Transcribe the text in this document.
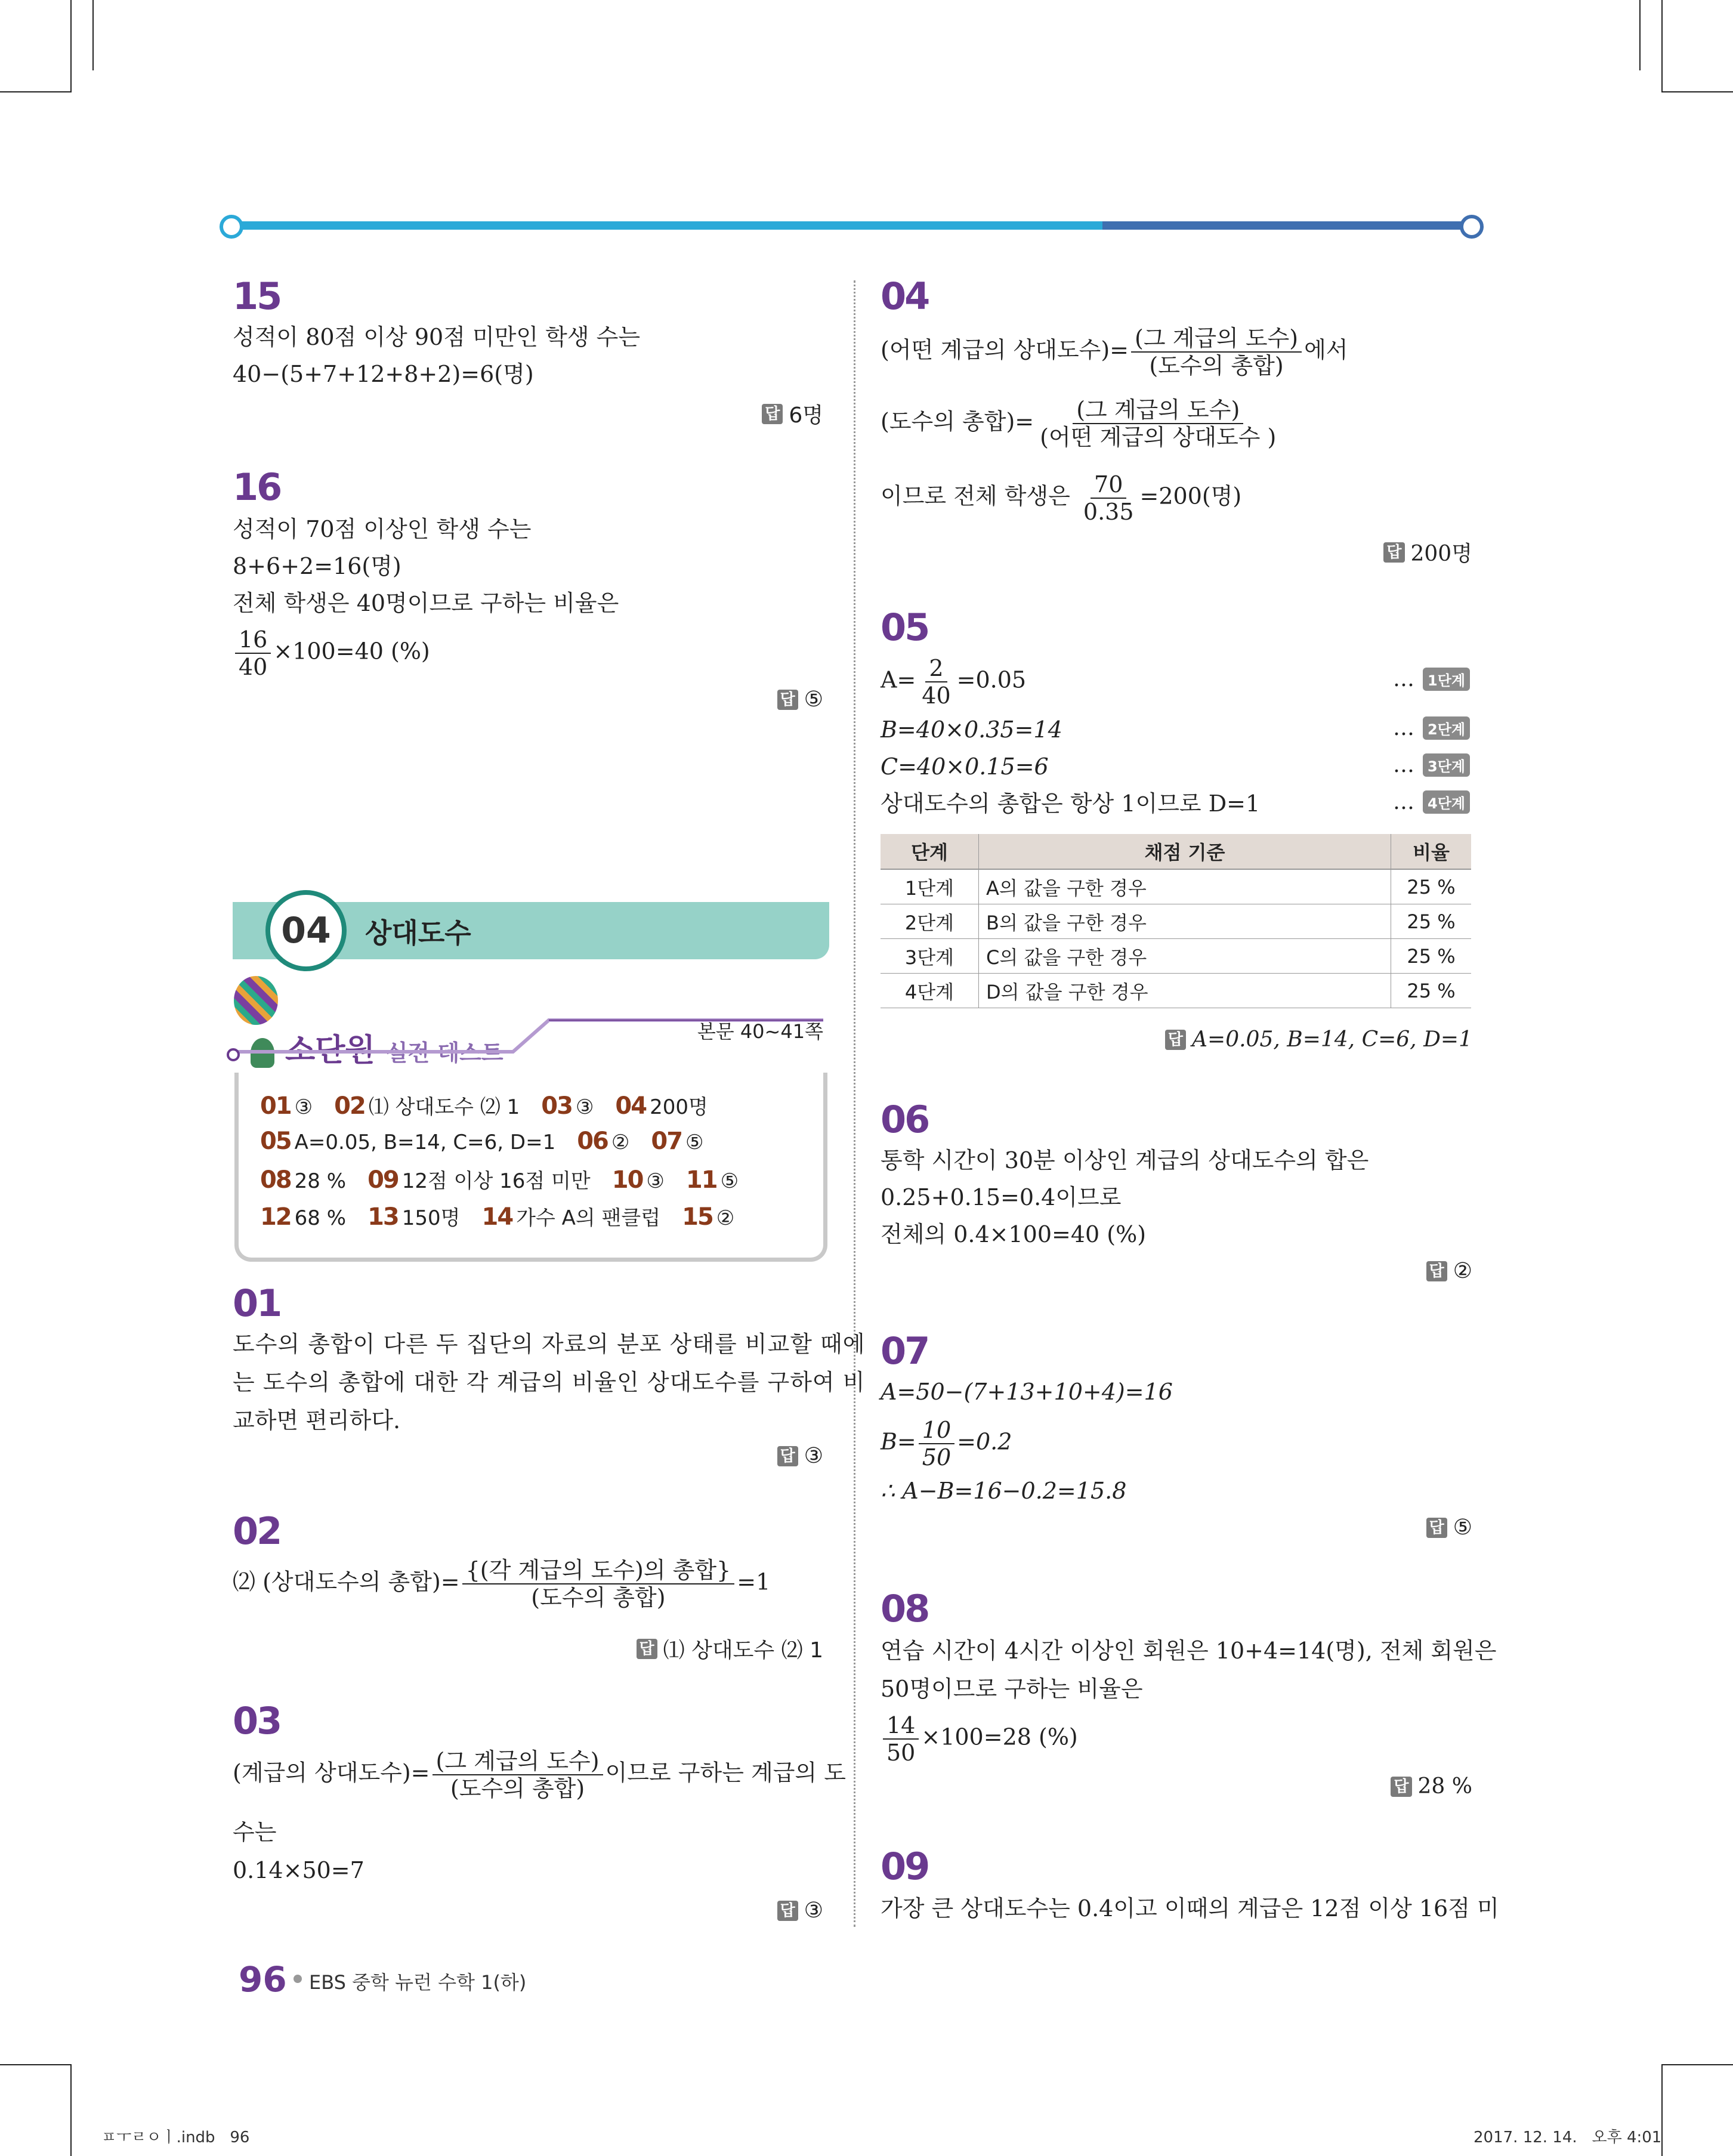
15
성적이 80점 이상 90점 미만인 학생 수는
40−(5+7+12+8+2)=6(명)
답 6명
16
성적이 70점 이상인 학생 수는
8+6+2=16(명)
전체 학생은 40명이므로 구하는 비율은
$\frac{16}{40} \times 100=40$ (%)
답 ⑤
04 상대도수
소단원 실전 테스트
본문 40~41쪽
01 ③ 02 ⑴ 상대도수 ⑵ 1 03 ③ 04 200명
05 A=0.05, B=14, C=6, D=1 06 ② 07 ⑤
08 28 % 09 12점 이상 16점 미만 10 ③ 11 ⑤
12 68 % 13 150명 14 가수 A의 팬클럽 15 ②
01
도수의 총합이 다른 두 집단의 자료의 분포 상태를 비교할 때에
는 도수의 총합에 대한 각 계급의 비율인 상대도수를 구하여 비
교하면 편리하다.
답 ③
02
⑵ (상대도수의 총합)= $\frac{\text{\{(각 계급의 도수)의 총합\}}}{\text{(도수의 총합)}} =1$
답 ⑴ 상대도수 ⑵ 1
03
(계급의 상대도수)= $\frac{\text{(그 계급의 도수)}}{\text{(도수의 총합)}}$ 이므로 구하는 계급의 도
수는
0.14×50=7
답 ③
04
(어떤 계급의 상대도수)= $\frac{\text{(그 계급의 도수)}}{\text{(도수의 총합)}}$ 에서
(도수의 총합)= $\frac{\text{(그 계급의 도수)}}{\text{(어떤 계급의 상대도수 )}}$
이므로 전체 학생은 $\frac{70}{0.35} =200$(명)
답 200명
05
$A= \frac{2}{40} =0.05$
B=40×0.35=14
C=40×0.15=6
상대도수의 총합은 항상 1이므로 D=1
… 1단계
… 2단계
… 3단계
… 4단계
단계	채점 기준	비율
1단계	A의 값을 구한 경우	25 %
2단계	B의 값을 구한 경우	25 %
3단계	C의 값을 구한 경우	25 %
4단계	D의 값을 구한 경우	25 %
답 A=0.05, B=14, C=6, D=1
06
통학 시간이 30분 이상인 계급의 상대도수의 합은
0.25+0.15=0.4이므로
전체의 0.4×100=40 (%)
답 ②
07
A=50−(7+13+10+4)=16
$B= \frac{10}{50} =0.2$
∴ A−B=16−0.2=15.8
답 ⑤
08
연습 시간이 4시간 이상인 회원은 10+4=14(명), 전체 회원은
50명이므로 구하는 비율은
$\frac{14}{50} \times 100=28$ (%)
답 28 %
09
가장 큰 상대도수는 0.4이고 이때의 계급은 12점 이상 16점 미
96 EBS 중학 뉴런 수학 1(하)
ㅍㅜㄹㅇㅣ.indb   96	2017. 12. 14.   오후 4:01
